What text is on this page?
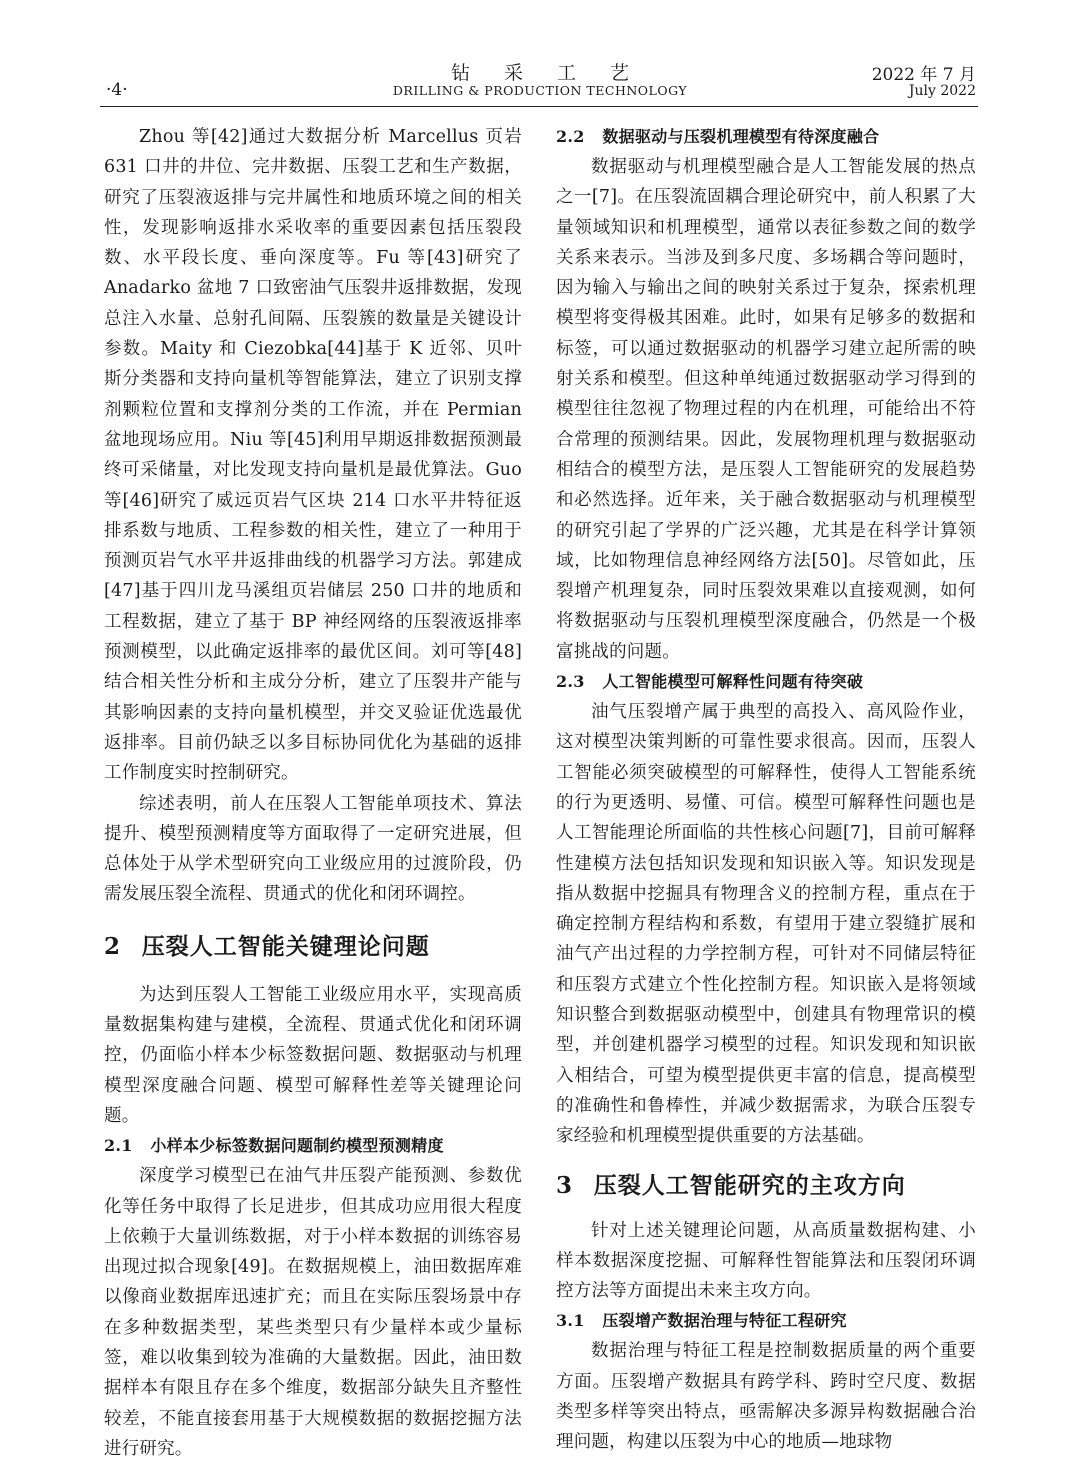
·4·
钻采工艺
DRILLING & PRODUCTION TECHNOLOGY
2022 年 7 月
July 2022

Zhou 等[42]通过大数据分析 Marcellus 页岩 631 口井的井位、完井数据、压裂工艺和生产数据，研究了压裂液返排与完井属性和地质环境之间的相关性，发现影响返排水采收率的重要因素包括压裂段数、水平段长度、垂向深度等。Fu 等[43]研究了 Anadarko 盆地 7 口致密油气压裂井返排数据，发现总注入水量、总射孔间隔、压裂簇的数量是关键设计参数。Maity 和 Ciezobka[44]基于 K 近邻、贝叶斯分类器和支持向量机等智能算法，建立了识别支撑剂颗粒位置和支撑剂分类的工作流，并在 Permian 盆地现场应用。Niu 等[45]利用早期返排数据预测最终可采储量，对比发现支持向量机是最优算法。Guo 等[46]研究了威远页岩气区块 214 口水平井特征返排系数与地质、工程参数的相关性，建立了一种用于预测页岩气水平井返排曲线的机器学习方法。郭建成[47]基于四川龙马溪组页岩储层 250 口井的地质和工程数据，建立了基于 BP 神经网络的压裂液返排率预测模型，以此确定返排率的最优区间。刘可等[48]结合相关性分析和主成分分析，建立了压裂井产能与其影响因素的支持向量机模型，并交叉验证优选最优返排率。目前仍缺乏以多目标协同优化为基础的返排工作制度实时控制研究。

综述表明，前人在压裂人工智能单项技术、算法提升、模型预测精度等方面取得了一定研究进展，但总体处于从学术型研究向工业级应用的过渡阶段，仍需发展压裂全流程、贯通式的优化和闭环调控。

2 压裂人工智能关键理论问题

为达到压裂人工智能工业级应用水平，实现高质量数据集构建与建模，全流程、贯通式优化和闭环调控，仍面临小样本少标签数据问题、数据驱动与机理模型深度融合问题、模型可解释性差等关键理论问题。

2.1 小样本少标签数据问题制约模型预测精度

深度学习模型已在油气井压裂产能预测、参数优化等任务中取得了长足进步，但其成功应用很大程度上依赖于大量训练数据，对于小样本数据的训练容易出现过拟合现象[49]。在数据规模上，油田数据库难以像商业数据库迅速扩充；而且在实际压裂场景中存在多种数据类型，某些类型只有少量样本或少量标签，难以收集到较为准确的大量数据。因此，油田数据样本有限且存在多个维度，数据部分缺失且齐整性较差，不能直接套用基于大规模数据的数据挖掘方法进行研究。

2.2 数据驱动与压裂机理模型有待深度融合

数据驱动与机理模型融合是人工智能发展的热点之一[7]。在压裂流固耦合理论研究中，前人积累了大量领域知识和机理模型，通常以表征参数之间的数学关系来表示。当涉及到多尺度、多场耦合等问题时，因为输入与输出之间的映射关系过于复杂，探索机理模型将变得极其困难。此时，如果有足够多的数据和标签，可以通过数据驱动的机器学习建立起所需的映射关系和模型。但这种单纯通过数据驱动学习得到的模型往往忽视了物理过程的内在机理，可能给出不符合常理的预测结果。因此，发展物理机理与数据驱动相结合的模型方法，是压裂人工智能研究的发展趋势和必然选择。近年来，关于融合数据驱动与机理模型的研究引起了学界的广泛兴趣，尤其是在科学计算领域，比如物理信息神经网络方法[50]。尽管如此，压裂增产机理复杂，同时压裂效果难以直接观测，如何将数据驱动与压裂机理模型深度融合，仍然是一个极富挑战的问题。

2.3 人工智能模型可解释性问题有待突破

油气压裂增产属于典型的高投入、高风险作业，这对模型决策判断的可靠性要求很高。因而，压裂人工智能必须突破模型的可解释性，使得人工智能系统的行为更透明、易懂、可信。模型可解释性问题也是人工智能理论所面临的共性核心问题[7]，目前可解释性建模方法包括知识发现和知识嵌入等。知识发现是指从数据中挖掘具有物理含义的控制方程，重点在于确定控制方程结构和系数，有望用于建立裂缝扩展和油气产出过程的力学控制方程，可针对不同储层特征和压裂方式建立个性化控制方程。知识嵌入是将领域知识整合到数据驱动模型中，创建具有物理常识的模型，并创建机器学习模型的过程。知识发现和知识嵌入相结合，可望为模型提供更丰富的信息，提高模型的准确性和鲁棒性，并减少数据需求，为联合压裂专家经验和机理模型提供重要的方法基础。

3 压裂人工智能研究的主攻方向

针对上述关键理论问题，从高质量数据构建、小样本数据深度挖掘、可解释性智能算法和压裂闭环调控方法等方面提出未来主攻方向。

3.1 压裂增产数据治理与特征工程研究

数据治理与特征工程是控制数据质量的两个重要方面。压裂增产数据具有跨学科、跨时空尺度、数据类型多样等突出特点，亟需解决多源异构数据融合治理问题，构建以压裂为中心的地质—地球物
